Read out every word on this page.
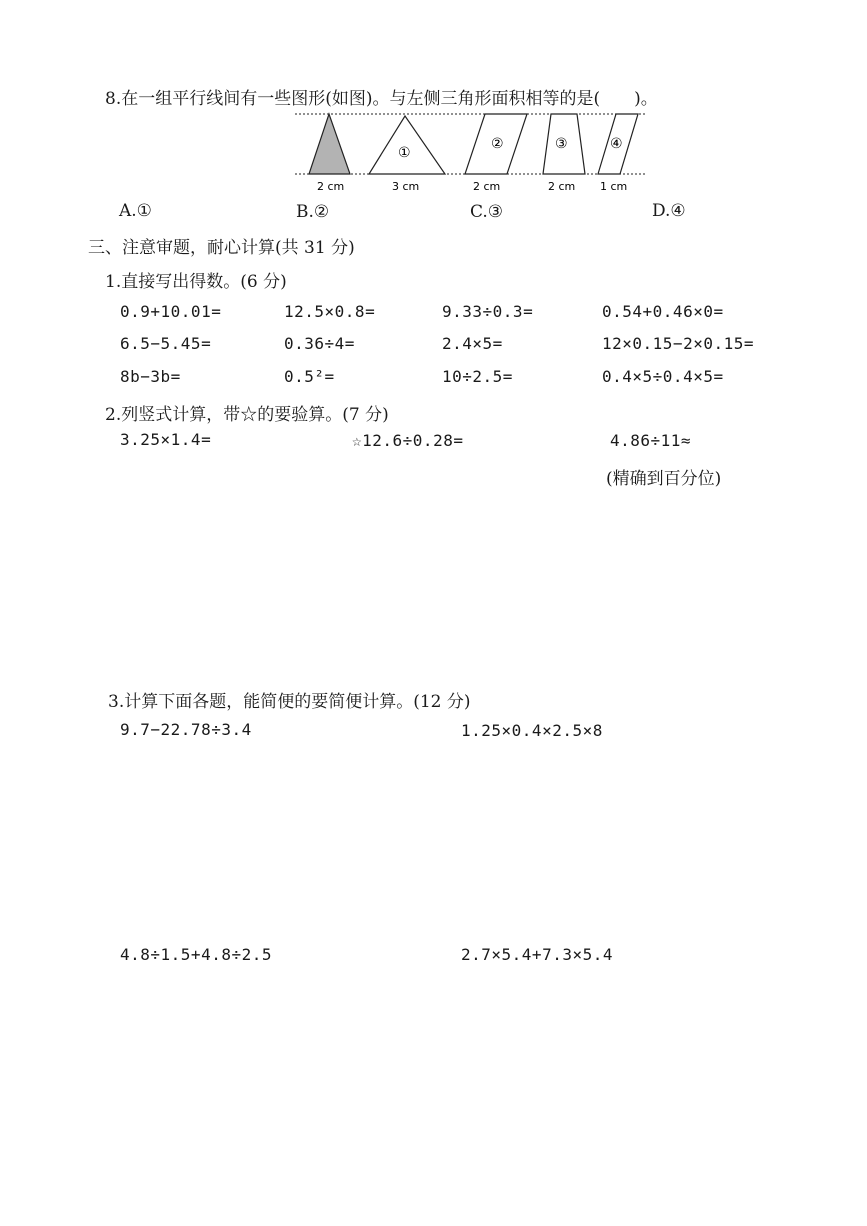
8.在一组平行线间有一些图形(如图)。与左侧三角形面积相等的是(　　)。
①
②	③	④
2 cm	3 cm	2 cm	2 cm 1 cm
A.①	B.②	C.③	D.④
三、注意审题，耐心计算(共 31 分)
1.直接写出得数。(6 分)
0.9+10.01=	12.5×0.8=	9.33÷0.3=	0.54+0.46×0=
6.5−5.45=	0.36÷4=	2.4×5=	12×0.15−2×0.15=
8b−3b=	0.5²=	10÷2.5=	0.4×5÷0.4×5=
2.列竖式计算，带☆的要验算。(7 分)
3.25×1.4=	☆12.6÷0.28=	4.86÷11≈
(精确到百分位)
3.计算下面各题，能简便的要简便计算。(12 分)
9.7−22.78÷3.4	1.25×0.4×2.5×8
4.8÷1.5+4.8÷2.5	2.7×5.4+7.3×5.4
